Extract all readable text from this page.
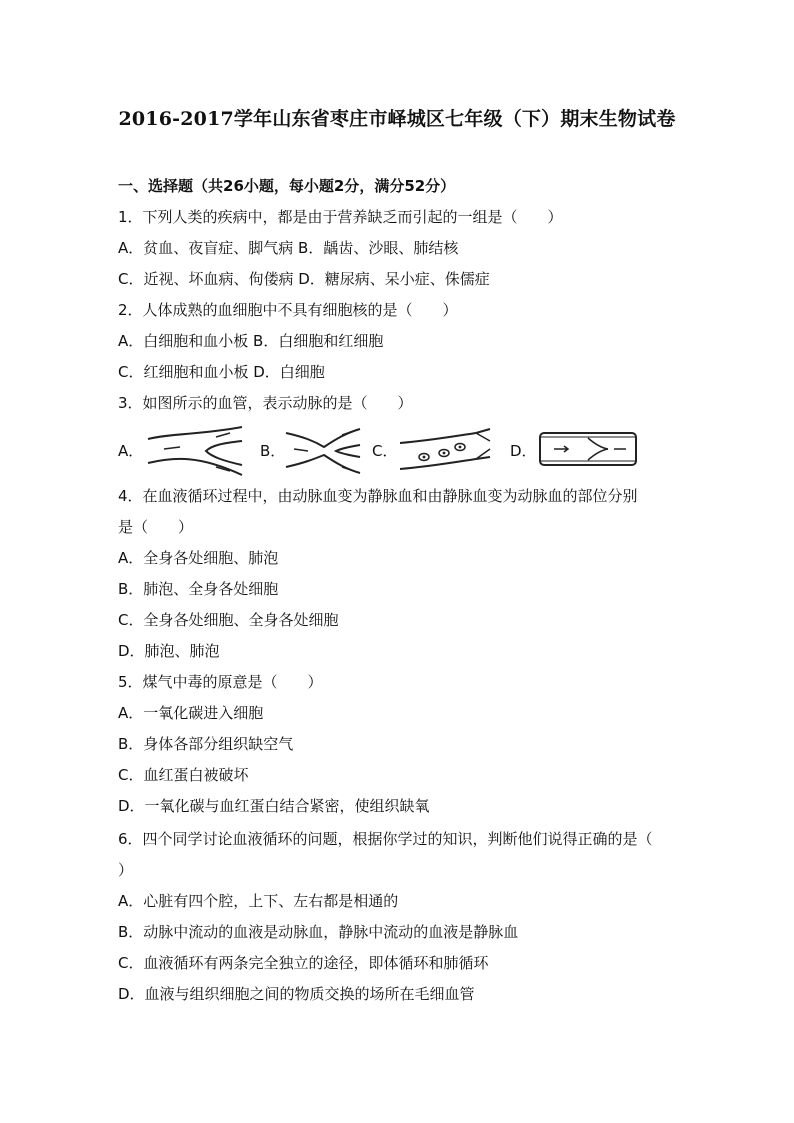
2016-2017学年山东省枣庄市峄城区七年级（下）期末生物试卷
一、选择题（共26小题，每小题2分，满分52分）
1．下列人类的疾病中，都是由于营养缺乏而引起的一组是（　　）
A．贫血、夜盲症、脚气病 B．龋齿、沙眼、肺结核
C．近视、坏血病、佝偻病 D．糖尿病、呆小症、侏儒症
2．人体成熟的血细胞中不具有细胞核的是（　　）
A．白细胞和血小板 B．白细胞和红细胞
C．红细胞和血小板 D．白细胞
3．如图所示的血管，表示动脉的是（　　）
A．	B．	C．	D．
4．在血液循环过程中，由动脉血变为静脉血和由静脉血变为动脉血的部位分别
是（　　）
A．全身各处细胞、肺泡
B．肺泡、全身各处细胞
C．全身各处细胞、全身各处细胞
D．肺泡、肺泡
5．煤气中毒的原意是（　　）
A．一氧化碳进入细胞
B．身体各部分组织缺空气
C．血红蛋白被破坏
D．一氧化碳与血红蛋白结合紧密，使组织缺氧
6．四个同学讨论血液循环的问题，根据你学过的知识，判断他们说得正确的是（
）
A．心脏有四个腔，上下、左右都是相通的
B．动脉中流动的血液是动脉血，静脉中流动的血液是静脉血
C．血液循环有两条完全独立的途径，即体循环和肺循环
D．血液与组织细胞之间的物质交换的场所在毛细血管
